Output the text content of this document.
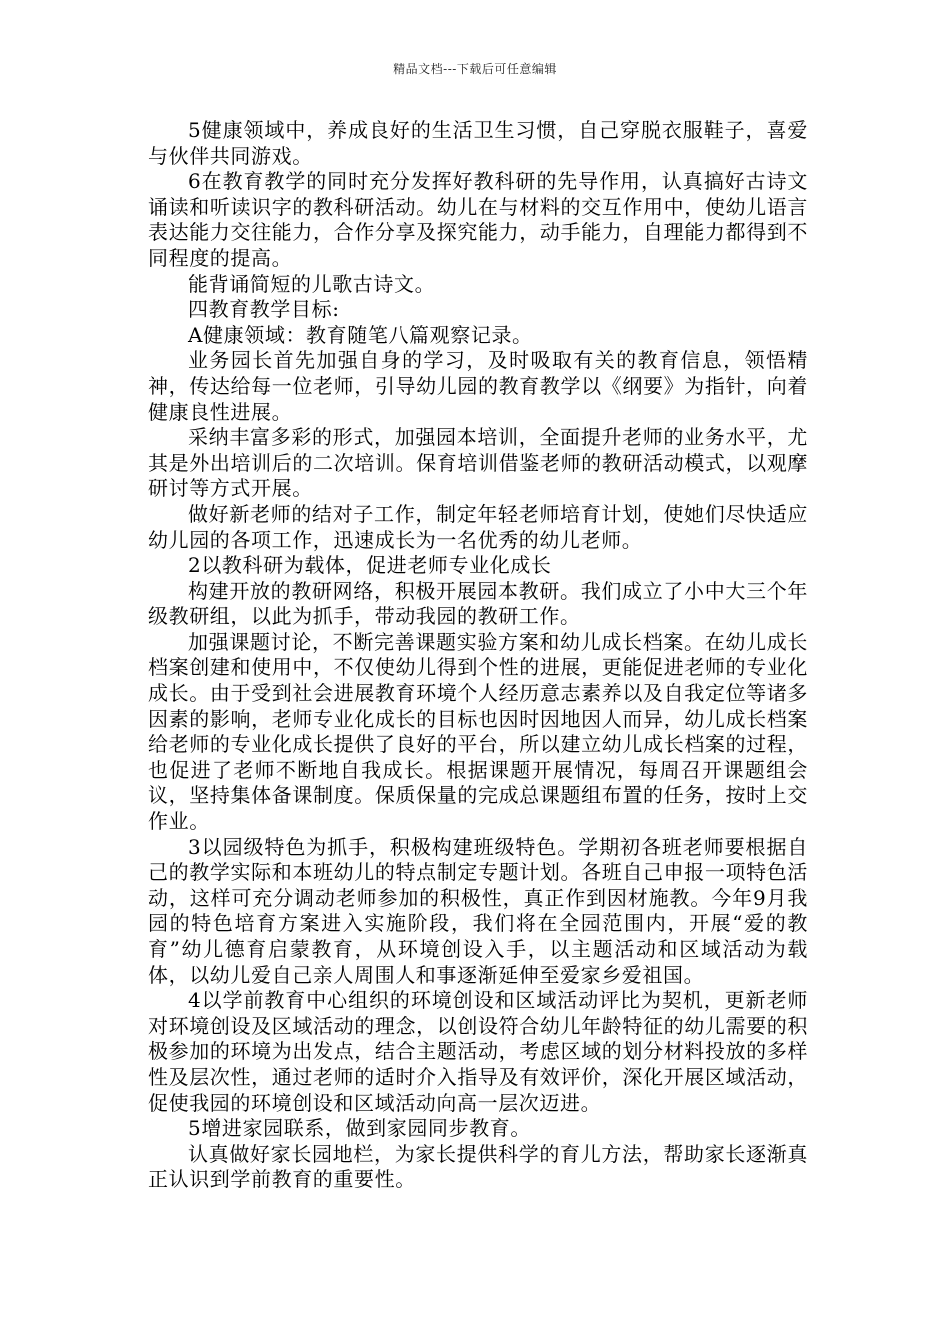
精品文档---下载后可任意编辑

5健康领域中，养成良好的生活卫生习惯，自己穿脱衣服鞋子，喜爱与伙伴共同游戏。

6在教育教学的同时充分发挥好教科研的先导作用，认真搞好古诗文诵读和听读识字的教科研活动。幼儿在与材料的交互作用中，使幼儿语言表达能力交往能力，合作分享及探究能力，动手能力，自理能力都得到不同程度的提高。

能背诵简短的儿歌古诗文。

四教育教学目标:

A健康领域：教育随笔八篇观察记录。

业务园长首先加强自身的学习，及时吸取有关的教育信息，领悟精神，传达给每一位老师，引导幼儿园的教育教学以《纲要》为指针，向着健康良性进展。

采纳丰富多彩的形式，加强园本培训，全面提升老师的业务水平，尤其是外出培训后的二次培训。保育培训借鉴老师的教研活动模式，以观摩研讨等方式开展。

做好新老师的结对子工作，制定年轻老师培育计划，使她们尽快适应幼儿园的各项工作，迅速成长为一名优秀的幼儿老师。

2以教科研为载体，促进老师专业化成长

构建开放的教研网络，积极开展园本教研。我们成立了小中大三个年级教研组，以此为抓手，带动我园的教研工作。

加强课题讨论，不断完善课题实验方案和幼儿成长档案。在幼儿成长档案创建和使用中，不仅使幼儿得到个性的进展，更能促进老师的专业化成长。由于受到社会进展教育环境个人经历意志素养以及自我定位等诸多因素的影响，老师专业化成长的目标也因时因地因人而异，幼儿成长档案给老师的专业化成长提供了良好的平台，所以建立幼儿成长档案的过程，也促进了老师不断地自我成长。根据课题开展情况，每周召开课题组会议，坚持集体备课制度。保质保量的完成总课题组布置的任务，按时上交作业。

3以园级特色为抓手，积极构建班级特色。学期初各班老师要根据自己的教学实际和本班幼儿的特点制定专题计划。各班自己申报一项特色活动，这样可充分调动老师参加的积极性，真正作到因材施教。今年9月我园的特色培育方案进入实施阶段，我们将在全园范围内，开展“爱的教育”幼儿德育启蒙教育，从环境创设入手，以主题活动和区域活动为载体，以幼儿爱自己亲人周围人和事逐渐延伸至爱家乡爱祖国。

4以学前教育中心组织的环境创设和区域活动评比为契机，更新老师对环境创设及区域活动的理念，以创设符合幼儿年龄特征的幼儿需要的积极参加的环境为出发点，结合主题活动，考虑区域的划分材料投放的多样性及层次性，通过老师的适时介入指导及有效评价，深化开展区域活动，促使我园的环境创设和区域活动向高一层次迈进。

5增进家园联系，做到家园同步教育。

认真做好家长园地栏，为家长提供科学的育儿方法，帮助家长逐渐真正认识到学前教育的重要性。
